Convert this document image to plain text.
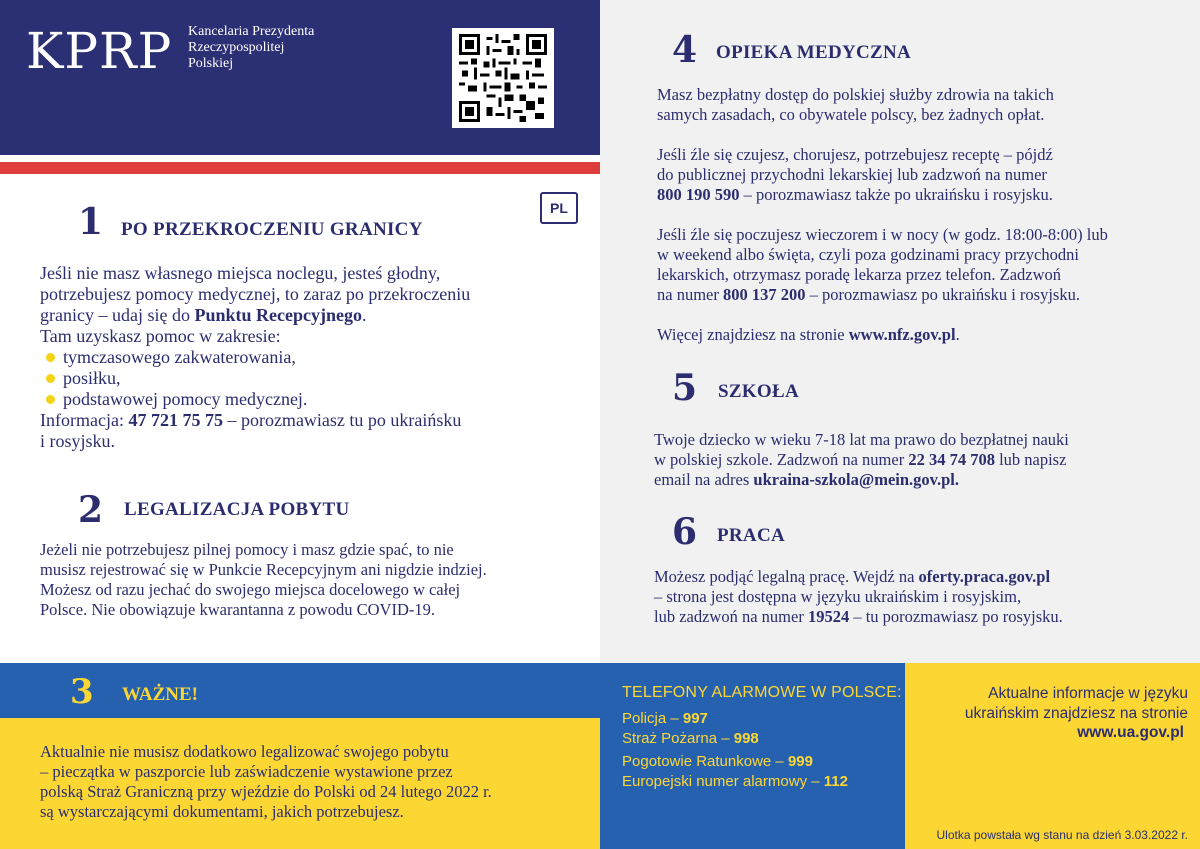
KPRP Kancelaria Prezydenta
Rzeczypospolitej
Polskiej
PL
1 PO PRZEKROCZENIU GRANICY
Jeśli nie masz własnego miejsca noclegu, jesteś głodny,
potrzebujesz pomocy medycznej, to zaraz po przekroczeniu
granicy – udaj się do Punktu Recepcyjnego.
Tam uzyskasz pomoc w zakresie:
tymczasowego zakwaterowania,
posiłku,
podstawowej pomocy medycznej.
Informacja: 47 721 75 75 – porozmawiasz tu po ukraińsku
i rosyjsku.
2 LEGALIZACJA POBYTU
Jeżeli nie potrzebujesz pilnej pomocy i masz gdzie spać, to nie
musisz rejestrować się w Punkcie Recepcyjnym ani nigdzie indziej.
Możesz od razu jechać do swojego miejsca docelowego w całej
Polsce. Nie obowiązuje kwarantanna z powodu COVID-19.
3 WAŻNE!
Aktualnie nie musisz dodatkowo legalizować swojego pobytu
– pieczątka w paszporcie lub zaświadczenie wystawione przez
polską Straż Graniczną przy wjeździe do Polski od 24 lutego 2022 r.
są wystarczającymi dokumentami, jakich potrzebujesz.
4 OPIEKA MEDYCZNA
Masz bezpłatny dostęp do polskiej służby zdrowia na takich
samych zasadach, co obywatele polscy, bez żadnych opłat.
Jeśli źle się czujesz, chorujesz, potrzebujesz receptę – pójdź
do publicznej przychodni lekarskiej lub zadzwoń na numer
800 190 590 – porozmawiasz także po ukraińsku i rosyjsku.
Jeśli źle się poczujesz wieczorem i w nocy (w godz. 18:00-8:00) lub
w weekend albo święta, czyli poza godzinami pracy przychodni
lekarskich, otrzymasz poradę lekarza przez telefon. Zadzwoń
na numer 800 137 200 – porozmawiasz po ukraińsku i rosyjsku.
Więcej znajdziesz na stronie www.nfz.gov.pl.
5 SZKOŁA
Twoje dziecko w wieku 7-18 lat ma prawo do bezpłatnej nauki
w polskiej szkole. Zadzwoń na numer 22 34 74 708 lub napisz
email na adres ukraina-szkola@mein.gov.pl.
6 PRACA
Możesz podjąć legalną pracę. Wejdź na oferty.praca.gov.pl
– strona jest dostępna w języku ukraińskim i rosyjskim,
lub zadzwoń na numer 19524 – tu porozmawiasz po rosyjsku.
TELEFONY ALARMOWE W POLSCE:
Policja – 997
Straż Pożarna – 998
Pogotowie Ratunkowe – 999
Europejski numer alarmowy – 112
Aktualne informacje w języku
ukraińskim znajdziesz na stronie
www.ua.gov.pl
Ulotka powstała wg stanu na dzień 3.03.2022 r.
